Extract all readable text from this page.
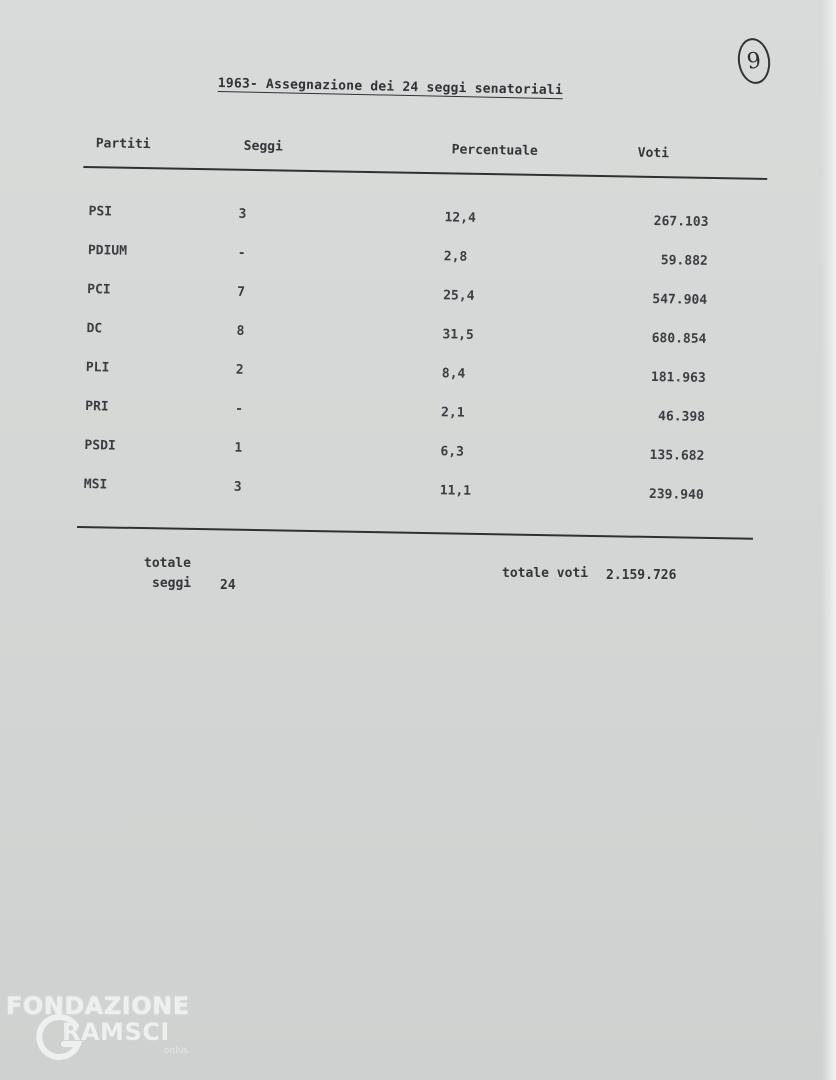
1963- Assegnazione dei 24 seggi senatoriali
9
Partiti	Seggi	Percentuale	Voti
PSI	3	12,4	267.103
PDIUM	-	2,8	59.882
PCI	7	25,4	547.904
DC	8	31,5	680.854
PLI	2	8,4	181.963
PRI	-	2,1	46.398
PSDI	1	6,3	135.682
MSI	3	11,1	239.940
totale
seggi 24
totale voti 2.159.726
FONDAZIONE
RAMSCI
onlus
